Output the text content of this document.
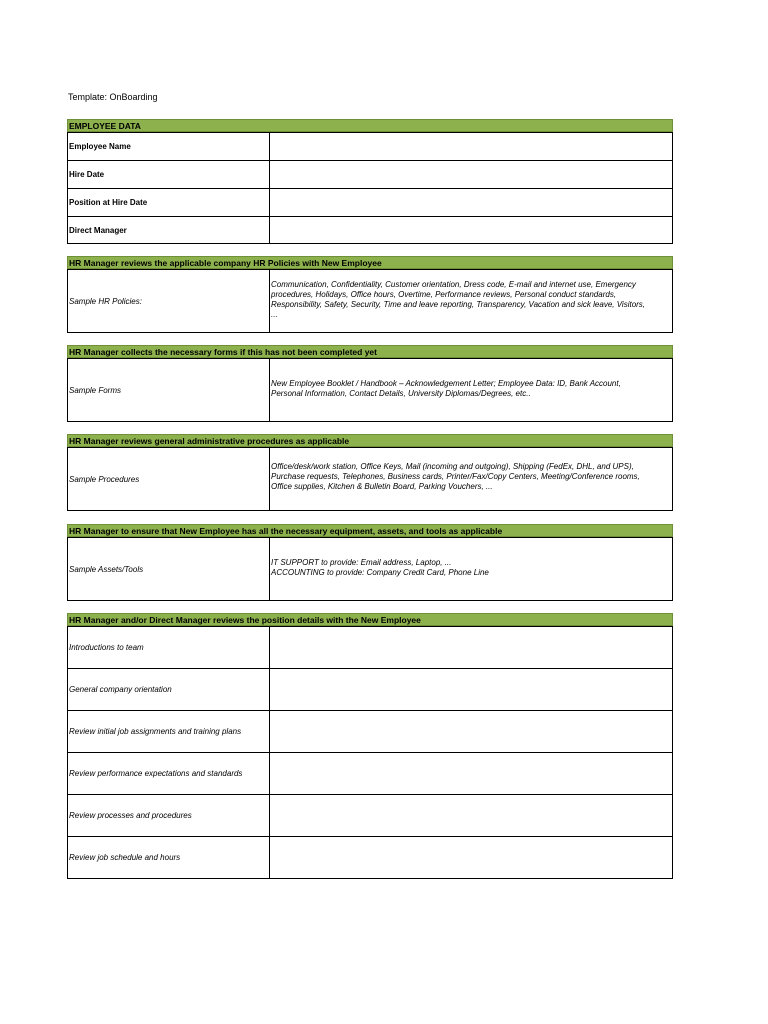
Template: OnBoarding
EMPLOYEE DATA
Employee Name	
Hire Date	
Position at Hire Date	
Direct Manager	
HR Manager reviews the applicable company HR Policies with New Employee
Sample HR Policies:	
Communication, Confidentiality, Customer orientation, Dress code, E-mail and internet use, Emergency
procedures, Holidays, Office hours, Overtime, Performance reviews, Personal conduct standards,
Responsibility, Safety, Security, Time and leave reporting, Transparency, Vacation and sick leave, Visitors,
...
HR Manager collects the necessary forms if this has not been completed yet
Sample Forms	
New Employee Booklet / Handbook – Acknowledgement Letter; Employee Data: ID, Bank Account,
Personal Information, Contact Details, University Diplomas/Degrees, etc..
HR Manager reviews general administrative procedures as applicable
Sample Procedures	
Office/desk/work station, Office Keys, Mail (incoming and outgoing), Shipping (FedEx, DHL, and UPS),
Purchase requests, Telephones, Business cards, Printer/Fax/Copy Centers, Meeting/Conference rooms,
Office supplies, Kitchen & Bulletin Board, Parking Vouchers, ...
HR Manager to ensure that New Employee has all the necessary equipment, assets, and tools as applicable
Sample Assets/Tools	
IT SUPPORT to provide: Email address, Laptop, ...
ACCOUNTING to provide: Company Credit Card, Phone Line
HR Manager and/or Direct Manager reviews the position details with the New Employee
Introductions to team	
General company orientation	
Review initial job assignments and training plans	
Review performance expectations and standards	
Review processes and procedures	
Review job schedule and hours	
